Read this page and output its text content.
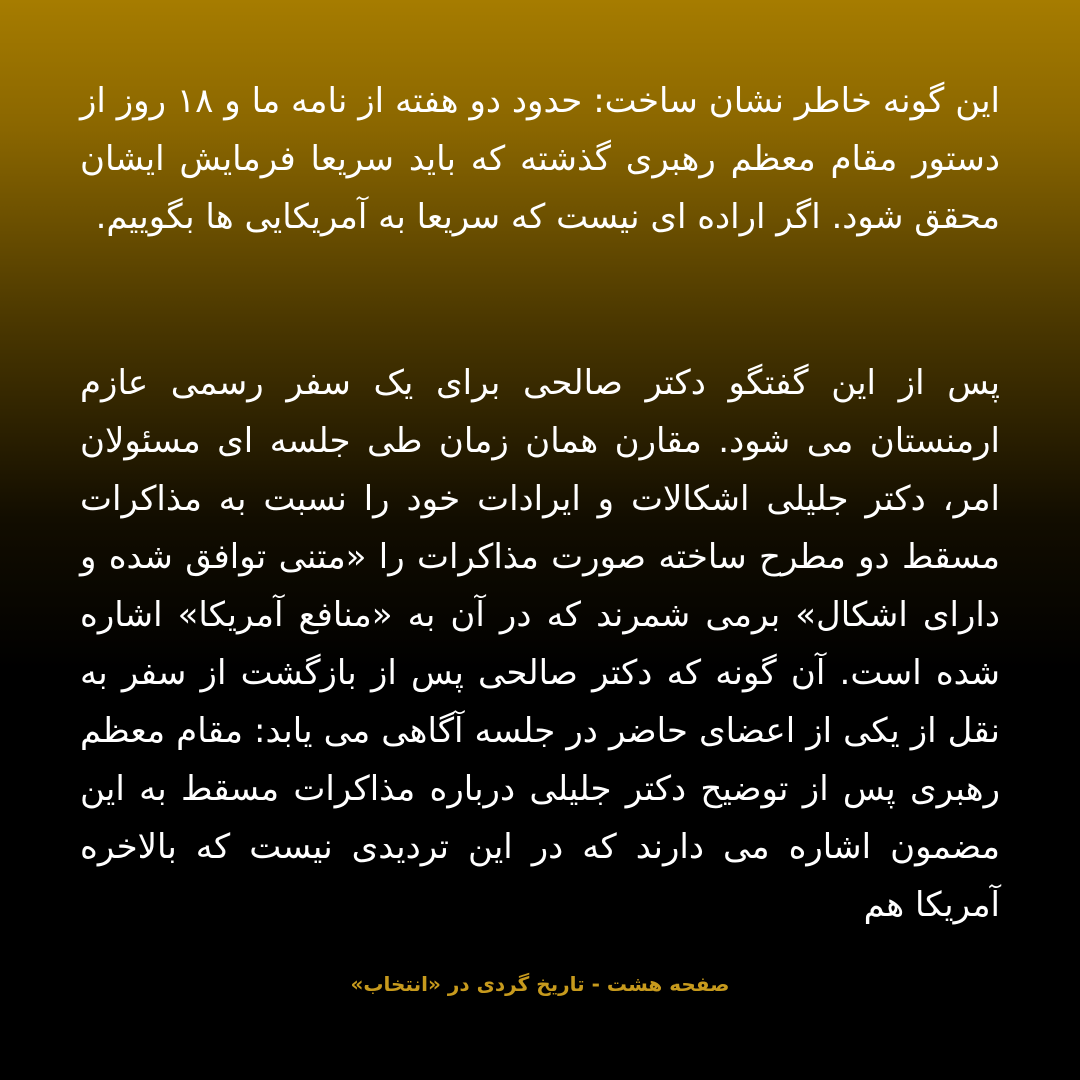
این گونه خاطر نشان ساخت: حدود دو هفته از نامه ما و ۱۸ روز از دستور مقام معظم رهبری گذشته که باید سریعا فرمایش ایشان محقق شود. اگر اراده ای نیست که سریعا به آمریکایی ها بگوییم.

پس از این گفتگو دکتر صالحی برای یک سفر رسمی عازم ارمنستان می شود. مقارن همان زمان طی جلسه ای مسئولان امر، دکتر جلیلی اشکالات و ایرادات خود را نسبت به مذاکرات مسقط دو مطرح ساخته صورت مذاکرات را «متنی توافق شده و دارای اشکال» برمی شمرند که در آن به «منافع آمریکا» اشاره شده است. آن گونه که دکتر صالحی پس از بازگشت از سفر به نقل از یکی از اعضای حاضر در جلسه آگاهی می یابد: مقام معظم رهبری پس از توضیح دکتر جلیلی درباره مذاکرات مسقط به این مضمون اشاره می دارند که در این تردیدی نیست که بالاخره آمریکا هم

صفحه هشت - تاریخ گردی در «انتخاب»
